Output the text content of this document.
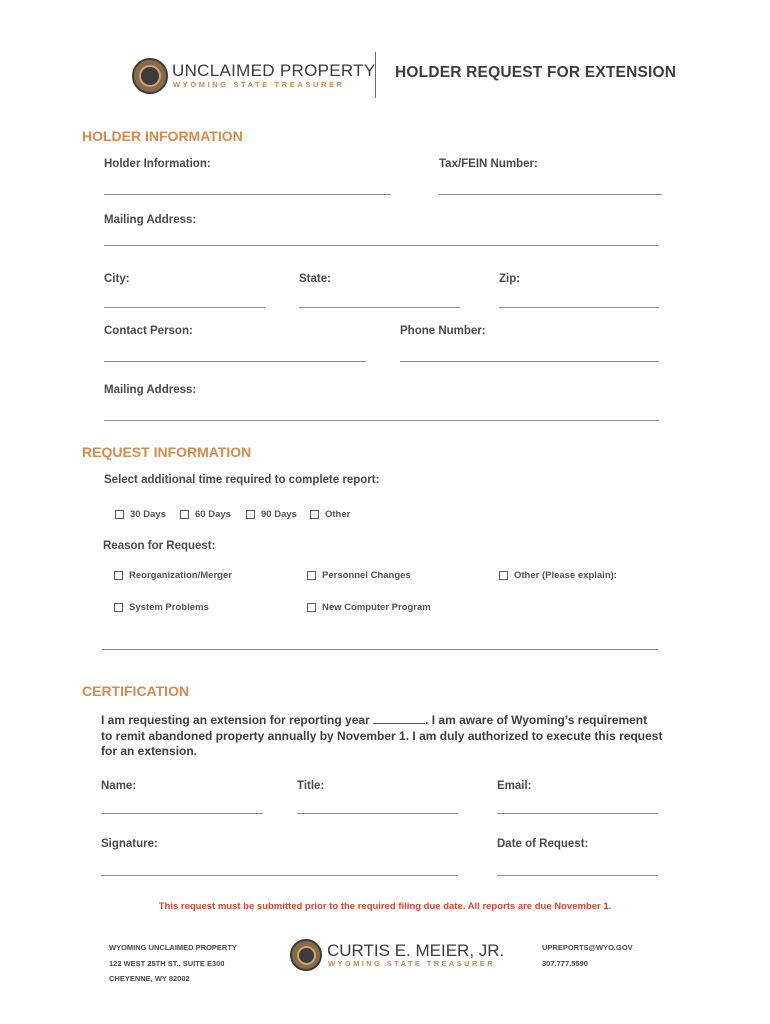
UNCLAIMED PROPERTY
WYOMING STATE TREASURER
HOLDER REQUEST FOR EXTENSION
HOLDER INFORMATION
Holder Information:	Tax/FEIN Number:
Mailing Address:
City:	State:	Zip:
Contact Person:	Phone Number:
Mailing Address:
REQUEST INFORMATION
Select additional time required to complete report:
30 Days	60 Days	90 Days	Other
Reason for Request:
Reorganization/Merger	Personnel Changes	Other (Please explain):
System Problems	New Computer Program
CERTIFICATION
I am requesting an extension for reporting year	. I am aware of Wyoming’s requirement
to remit abandoned property annually by November 1. I am duly authorized to execute this request
for an extension.
Name:	Title:	Email:
Signature:	Date of Request:
This request must be submitted prior to the required filing due date. All reports are due November 1.
WYOMING UNCLAIMED PROPERTY
122 WEST 25TH ST., SUITE E300
CHEYENNE, WY 82002
CURTIS E. MEIER, JR.
WYOMING STATE TREASURER
UPREPORTS@WYO.GOV
307.777.5590
